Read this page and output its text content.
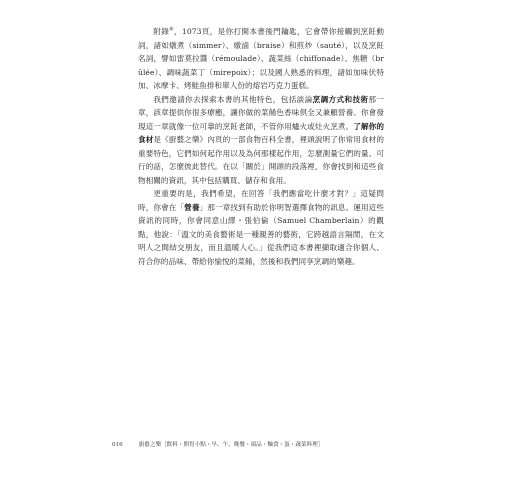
附錄⑧，1073頁，是你打開本書後門鑰匙，它會帶你接觸到烹飪動詞，諸如燉煮（simmer）、燉滷（braise）和煎炒（sauté），以及烹飪名詞，譬如雷莫拉醬（rémoulade）、蔬菜絲（chiffonade）、焦糖（brûlée）、調味蔬菜丁（mirepoix）；以及國人熟悉的料理，諸如加味伏特加、冰摩卡、烤鮭魚排和單人份的熔岩巧克力蛋糕。

我們邀請你去探索本書的其他特色，包括談論烹調方式和技術那一章，該章提供你很多療癒，讓你做的菜餚色香味倶全又兼顧營養。你會發現這一章就像一位可靠的烹飪老師，不管你用爐火或灶火烹煮。了解你的食材是《廚藝之樂》內頁的一部食物百科全書，裡頭說明了你常用食材的重要特色，它們如何起作用以及為何那樣起作用，怎麼測量它們的量、可行的話，怎麼彼此替代。在以「關於」開頭的段落裡，你會找到和這些食物相關的資訊，其中包括購買、儲存和食用。

更重要的是，我們希望，在回答「我們應當吃什麼才對？」這疑問時，你會在「營養」那一章找到有助於你明智選擇食物的訊息。運用這些資訊的同時，你會同意山繆・張伯倫（Samuel Chamberlain）的觀點，他說：「溫文的美食藝術是一種親善的藝術，它跨越語言隔閡，在文明人之間結交朋友，而且溫暖人心。」從我們這本書裡擷取適合你個人、符合你的品味、帶給你愉悅的菜餚，然後和我們同享烹調的樂趣。

016	廚藝之樂［飲料・開胃小點・早、午、晚餐・湯品・麵食・蛋・蔬菜料理］
